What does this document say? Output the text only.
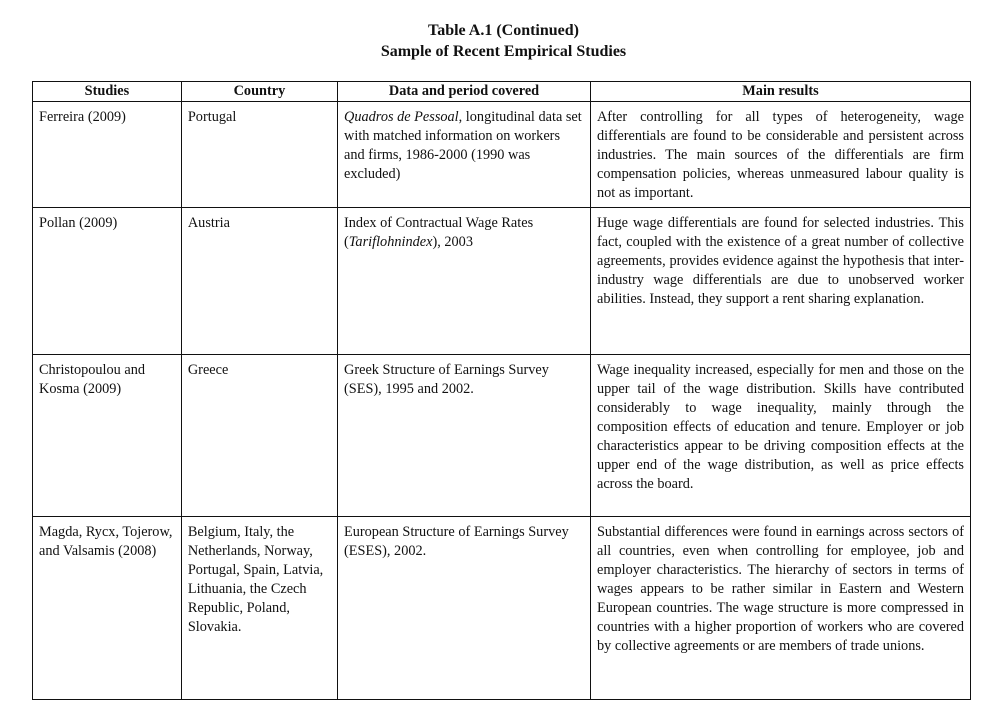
Table A.1 (Continued)
Sample of Recent Empirical Studies
Studies	Country	Data and period covered	Main results
Ferreira (2009)	Portugal	Quadros de Pessoal, longitudinal data set with matched information on workers and firms, 1986-2000 (1990 was excluded)	After controlling for all types of heterogeneity, wage differentials are found to be considerable and persistent across industries. The main sources of the differentials are firm compensation policies, whereas unmeasured labour quality is not as important.
Pollan (2009)	Austria	Index of Contractual Wage Rates (Tariflohnindex), 2003	Huge wage differentials are found for selected industries. This fact, coupled with the existence of a great number of collective agreements, provides evidence against the hypothesis that inter-industry wage differentials are due to unobserved worker abilities. Instead, they support a rent sharing explanation.
Christopoulou and Kosma (2009)	Greece	Greek Structure of Earnings Survey (SES), 1995 and 2002.	Wage inequality increased, especially for men and those on the upper tail of the wage distribution. Skills have contributed considerably to wage inequality, mainly through the composition effects of education and tenure. Employer or job characteristics appear to be driving composition effects at the upper end of the wage distribution, as well as price effects across the board.
Magda, Rycx, Tojerow, and Valsamis (2008)	Belgium, Italy, the Netherlands, Norway, Portugal, Spain, Latvia, Lithuania, the Czech Republic, Poland, Slovakia.	European Structure of Earnings Survey (ESES), 2002.	Substantial differences were found in earnings across sectors of all countries, even when controlling for employee, job and employer characteristics. The hierarchy of sectors in terms of wages appears to be rather similar in Eastern and Western European countries. The wage structure is more compressed in countries with a higher proportion of workers who are covered by collective agreements or are members of trade unions.
